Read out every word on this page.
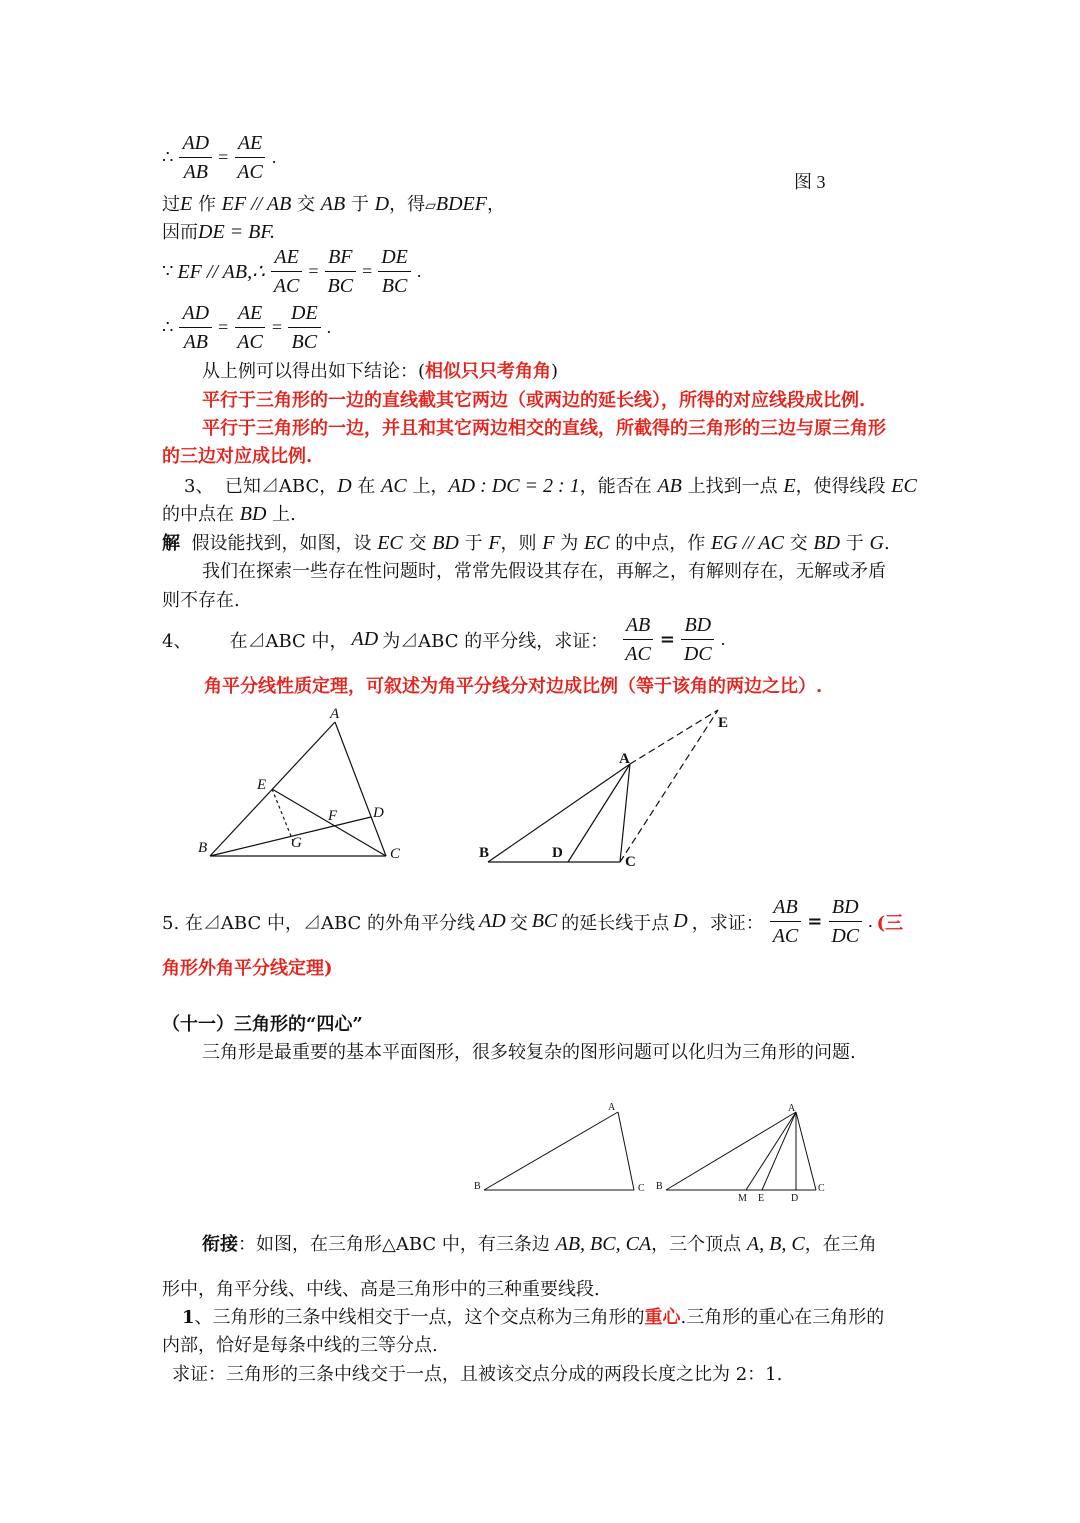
∴ $\frac{AD}{AB} = \frac{AE}{AC}$ .
图 3
过E 作 EF // AB 交 AB 于 D，得▱BDEF，
因而DE = BF.
∵ EF // AB,∴ $\frac{AE}{AC} = \frac{BF}{BC} = \frac{DE}{BC}$ .
∴ $\frac{AD}{AB} = \frac{AE}{AC} = \frac{DE}{BC}$ .
从上例可以得出如下结论：(相似只只考角角)
平行于三角形的一边的直线截其它两边（或两边的延长线），所得的对应线段成比例.
平行于三角形的一边，并且和其它两边相交的直线，所截得的三角形的三边与原三角形
的三边对应成比例.
3、 已知⊿ABC，D 在 AC 上，AD : DC = 2 : 1，能否在 AB 上找到一点 E，使得线段 EC
的中点在 BD 上.
解 假设能找到，如图，设 EC 交 BD 于 F，则 F 为 EC 的中点，作 EG // AC 交 BD 于 G.
我们在探索一些存在性问题时，常常先假设其存在，再解之，有解则存在，无解或矛盾
则不存在.
4、 在⊿ABC 中， AD 为⊿ABC 的平分线，求证： $\frac{AB}{AC} = \frac{BD}{DC}$ .
角平分线性质定理，可叙述为角平分线分对边成比例（等于该角的两边之比）.
A
B	C
D
E
F
G
A
B
C
D
E
5. 在⊿ABC 中，⊿ABC 的外角平分线 AD 交 BC 的延长线于点 D ，求证： $\frac{AB}{AC} = \frac{BD}{DC}$ . (三
角形外角平分线定理)
（十一）三角形的“四心”
三角形是最重要的基本平面图形，很多较复杂的图形问题可以化归为三角形的问题.
A
B	C
A
B	C
M E	D
衔接：如图，在三角形△ABC 中，有三条边 AB, BC, CA，三个顶点 A, B, C，在三角
形中，角平分线、中线、高是三角形中的三种重要线段.
1、三角形的三条中线相交于一点，这个交点称为三角形的重心.三角形的重心在三角形的
内部，恰好是每条中线的三等分点.
求证：三角形的三条中线交于一点，且被该交点分成的两段长度之比为 2：1.
